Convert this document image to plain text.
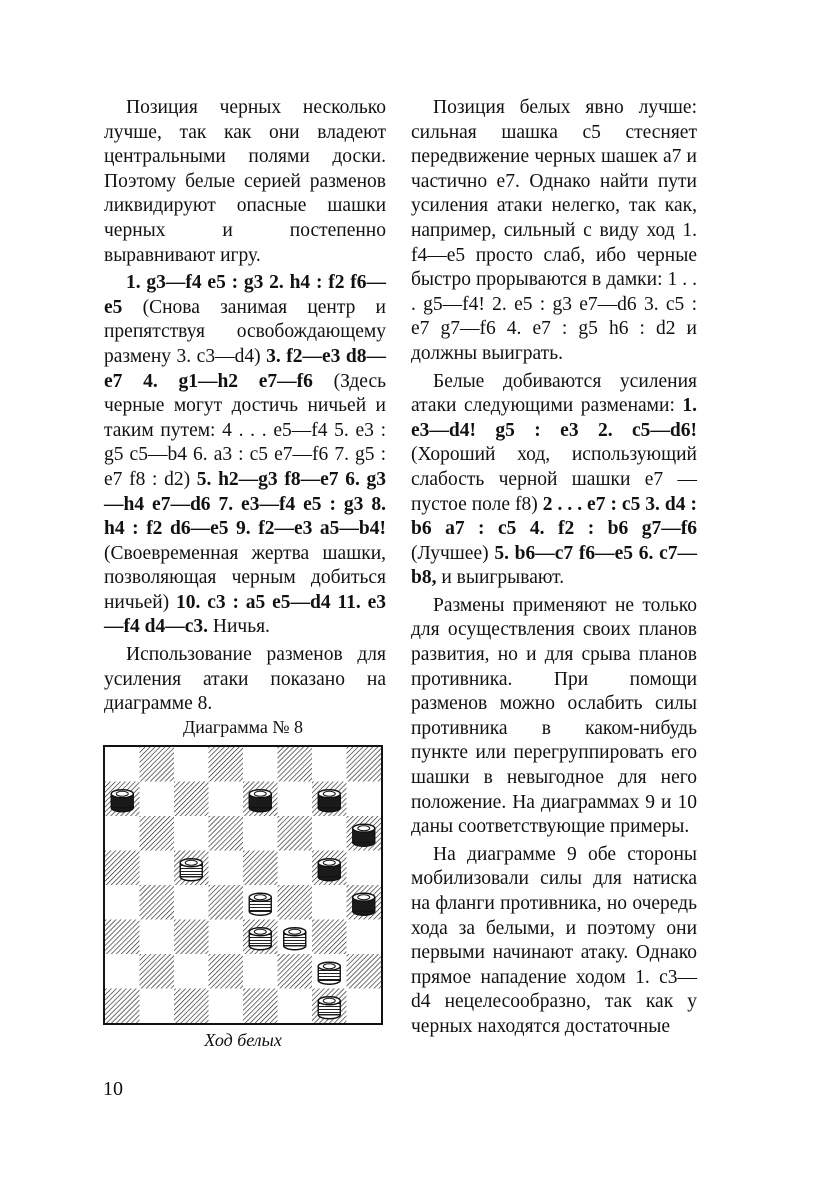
Позиция черных несколько лучше, так как они владеют центральными полями доски. Поэтому белые серией разменов ликвидируют опасные шашки черных и постепенно выравнивают игру.

1. g3—f4 e5 : g3 2. h4 : f2 f6—e5 (Снова занимая центр и препятствуя освобождающему размену 3. c3—d4) 3. f2—e3 d8—e7 4. g1—h2 e7—f6 (Здесь черные могут достичь ничьей и таким путем: 4 . . . e5—f4 5. e3 : g5 c5—b4 6. a3 : c5 e7—f6 7. g5 : e7 f8 : d2) 5. h2—g3 f8—e7 6. g3—h4 e7—d6 7. e3—f4 e5 : g3 8. h4 : f2 d6—e5 9. f2—e3 a5—b4! (Своевременная жертва шашки, позволяющая черным добиться ничьей) 10. c3 : a5 e5—d4 11. e3—f4 d4—c3. Ничья.

Использование разменов для усиления атаки показано на диаграмме 8.

Диаграмма № 8
Ход белых

Позиция белых явно лучше: сильная шашка c5 стесняет передвижение черных шашек a7 и частично e7. Однако найти пути усиления атаки нелегко, так как, например, сильный с виду ход 1. f4—e5 просто слаб, ибо черные быстро прорываются в дамки: 1 . . . g5—f4! 2. e5 : g3 e7—d6 3. c5 : e7 g7—f6 4. e7 : g5 h6 : d2 и должны выиграть.

Белые добиваются усиления атаки следующими разменами: 1. e3—d4! g5 : e3 2. c5—d6! (Хороший ход, использующий слабость черной шашки e7 — пустое поле f8) 2 . . . e7 : c5 3. d4 : b6 a7 : c5 4. f2 : b6 g7—f6 (Лучшее) 5. b6—c7 f6—e5 6. c7—b8, и выигрывают.

Размены применяют не только для осуществления своих планов развития, но и для срыва планов противника. При помощи разменов можно ослабить силы противника в каком-нибудь пункте или перегруппировать его шашки в невыгодное для него положение. На диаграммах 9 и 10 даны соответствующие примеры.

На диаграмме 9 обе стороны мобилизовали силы для натиска на фланги противника, но очередь хода за белыми, и поэтому они первыми начинают атаку. Однако прямое нападение ходом 1. c3—d4 нецелесообразно, так как у черных находятся достаточные

10
